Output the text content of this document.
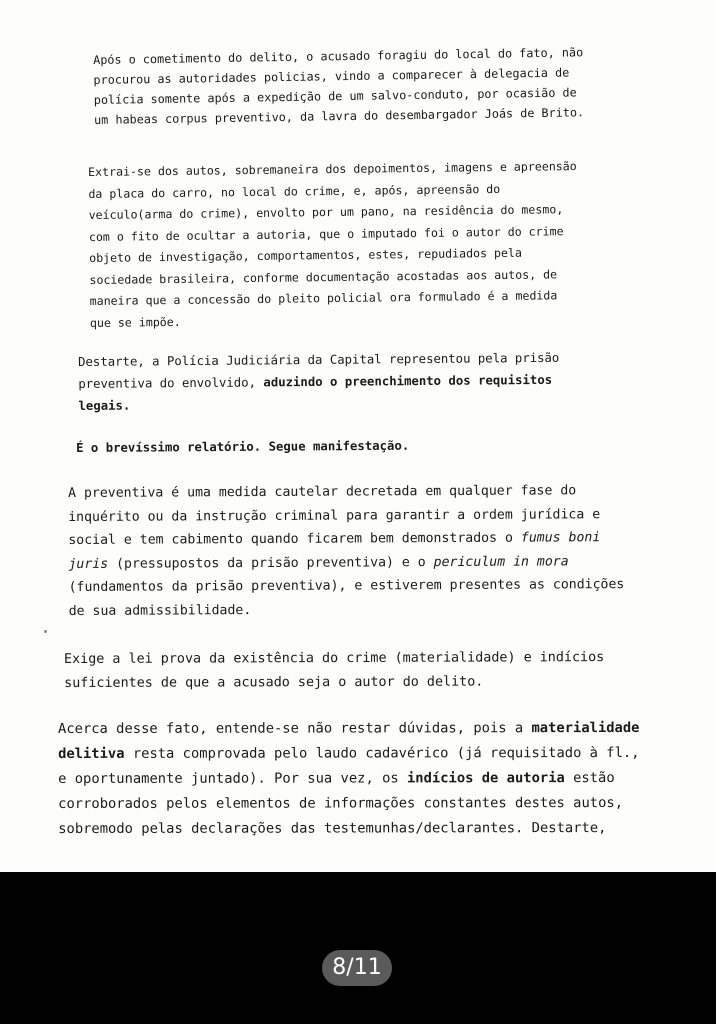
Após o cometimento do delito, o acusado foragiu do local do fato, não
procurou as autoridades policias, vindo a comparecer à delegacia de
polícia somente após a expedição de um salvo-conduto, por ocasião de
um habeas corpus preventivo, da lavra do desembargador Joás de Brito.
Extrai-se dos autos, sobremaneira dos depoimentos, imagens e apreensão
da placa do carro, no local do crime, e, após, apreensão do
veículo(arma do crime), envolto por um pano, na residência do mesmo,
com o fito de ocultar a autoria, que o imputado foi o autor do crime
objeto de investigação, comportamentos, estes, repudiados pela
sociedade brasileira, conforme documentação acostadas aos autos, de
maneira que a concessão do pleito policial ora formulado é a medida
que se impõe.
Destarte, a Polícia Judiciária da Capital representou pela prisão
preventiva do envolvido, aduzindo o preenchimento dos requisitos
legais.
É o brevíssimo relatório. Segue manifestação.
A preventiva é uma medida cautelar decretada em qualquer fase do
inquérito ou da instrução criminal para garantir a ordem jurídica e
social e tem cabimento quando ficarem bem demonstrados o fumus boni
juris (pressupostos da prisão preventiva) e o periculum in mora
(fundamentos da prisão preventiva), e estiverem presentes as condições
de sua admissibilidade.
Exige a lei prova da existência do crime (materialidade) e indícios
suficientes de que a acusado seja o autor do delito.
Acerca desse fato, entende-se não restar dúvidas, pois a materialidade
delitiva resta comprovada pelo laudo cadavérico (já requisitado à fl.,
e oportunamente juntado). Por sua vez, os indícios de autoria estão
corroborados pelos elementos de informações constantes destes autos,
sobremodo pelas declarações das testemunhas/declarantes. Destarte,
8/11
